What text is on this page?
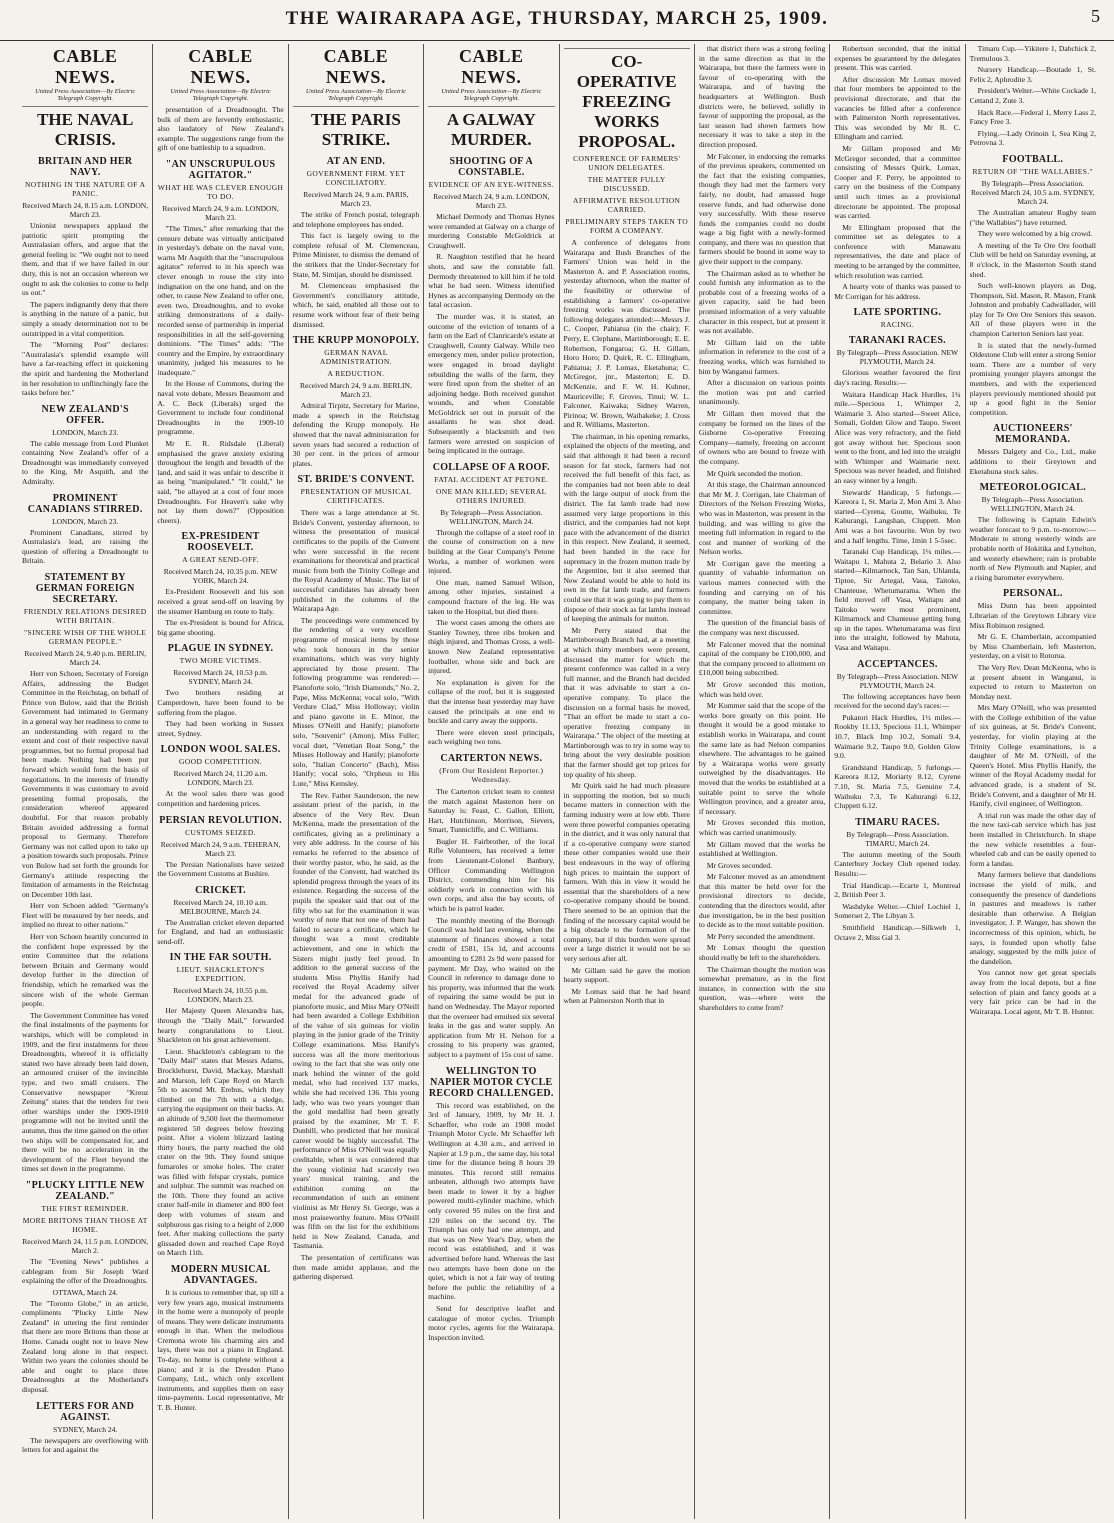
THE WAIRARAPA AGE, THURSDAY, MARCH 25, 1909.	5
CABLE NEWS.
United Press Association—By Electric Telegraph Copyright.
THE NAVAL CRISIS.
BRITAIN AND HER NAVY.
NOTHING IN THE NATURE OF A PANIC.
Received March 24, 8.15 a.m. LONDON, March 23.
Unionist newspapers applaud the patriotic spirit prompting the Australasian offers, and argue that the general feeling is: "We ought not to need them, and that if we have failed in our duty, this is not an occasion whereon we ought to ask the colonies to come to help us out."
The papers indignantly deny that there is anything in the nature of a panic, but simply a steady determination not to be outstripped in a vital competition.
The "Morning Post" declares: "Australasia's splendid example will have a far-reaching effect in quickening the spirit and hardening the Motherland in her resolution to unflinchingly face the tasks before her."
NEW ZEALAND'S OFFER.
LONDON, March 23.
The cable message from Lord Plunket containing New Zealand's offer of a Dreadnought was immediately conveyed to the King, Mr Asquith, and the Admiralty.
PROMINENT CANADIANS STIRRED.
LONDON, March 23.
Prominent Canadians, stirred by Australasia's lead, are raising the question of offering a Dreadnought to Britain.
STATEMENT BY GERMAN FOREIGN SECRETARY.
FRIENDLY RELATIONS DESIRED WITH BRITAIN.
"SINCERE WISH OF THE WHOLE GERMAN PEOPLE."
Received March 24, 9.40 p.m. BERLIN, March 24.
Herr von Schoen, Secretary of Foreign Affairs, addressing the Budget Committee in the Reichstag, on behalf of Prince von Bulow, said that the British Government had intimated to Germany in a general way her readiness to come to an understanding with regard to the extent and cost of their respective naval programmes, but no formal proposal had been made. Nothing had been put forward which would form the basis of negotiations. In the interests of friendly Governments it was customary to avoid presenting formal proposals, the consideration whereof appeared doubtful. For that reason probably Britain avoided addressing a formal proposal to Germany. Therefore Germany was not called upon to take up a position towards such proposals. Prince von Bulow had set forth the grounds for Germany's attitude respecting the limitation of armaments in the Reichstag on December 10th last.
Herr von Schoen added: "Germany's Fleet will be measured by her needs, and implied no threat to other nations."
Herr von Schoen heartily concurred in the confident hope expressed by the entire Committee that the relations between Britain and Germany would develop further in the direction of friendship, which he remarked was the sincere wish of the whole German people.
The Government Committee has voted the final instalments of the payments for warships, which will be completed in 1909, and the first instalments for three Dreadnoughts, whereof it is officially stated two have already been laid down, an armoured cruiser of the invincible type, and two small cruisers. The Conservative newspaper "Kreuz Zeitung" states that the tenders for two other warships under the 1909-1910 programme will not be invited until the autumn, thus the time gained on the other two ships will be compensated for, and there will be no acceleration in the development of the Fleet beyond the times set down in the programme.
"PLUCKY LITTLE NEW ZEALAND."
THE FIRST REMINDER.
MORE BRITONS THAN THOSE AT HOME.
Received March 24, 11.5 p.m. LONDON, March 2.
The "Evening News" publishes a cablegram from Sir Joseph Ward explaining the offer of the Dreadnoughts.
OTTAWA, March 24.
The "Toronto Globe," in an article, compliments "Plucky Little New Zealand" in uttering the first reminder that there are more Britons than those at Home. Canada ought not to leave New Zealand long alone in that respect. Within two years the colonies should be able and ought to place three Dreadnoughts at the Motherland's disposal.
LETTERS FOR AND AGAINST.
SYDNEY, March 24.
The newspapers are overflowing with letters for and against the
CABLE NEWS.
United Press Association—By Electric Telegraph Copyright.
presentation of a Dreadnought. The bulk of them are fervently enthusiastic, also laudatory of New Zealand's example. The suggestions range from the gift of one battleship to a squadron.
"AN UNSCRUPULOUS AGITATOR."
WHAT HE WAS CLEVER ENOUGH TO DO.
Received March 24, 9 a.m. LONDON, March 23.
"The Times," after remarking that the censure debate was virtually anticipated in yesterday's debate on the naval vote, warns Mr Asquith that the "unscrupulous agitator" referred to in his speech was clever enough to rouse the city into indignation on the one hand, and on the other, to cause New Zealand to offer one, even two, Dreadnoughts, and to evoke striking demonstrations of a daily-recorded sense of partnership in imperial responsibilities in all the self-governing dominions. "The Times" adds: "The country and the Empire, by extraordinary unanimity, judged his measures to be inadequate."
In the House of Commons, during the naval vote debate, Messrs Beaumont and A. C. Beck (Liberals) urged the Government to include four conditional Dreadnoughts in the 1909-10 programme.
Mr E. R. Ridsdale (Liberal) emphasised the grave anxiety existing throughout the length and breadth of the land, and said it was unfair to describe it as being "manipulated." "It could," he said, "be allayed at a cost of four more Dreadnoughts. For Heaven's sake why not lay them down?" (Opposition cheers).
EX-PRESIDENT ROOSEVELT.
A GREAT SEND-OFF.
Received March 24, 10.35 p.m. NEW YORK, March 24.
Ex-President Roosevelt and his son received a great send-off on leaving by the steamer Hamburg en route to Italy.
The ex-President is bound for Africa, big game shooting.
PLAGUE IN SYDNEY.
TWO MORE VICTIMS.
Received March 24, 10.53 p.m. SYDNEY, March 24.
Two brothers residing at Camperdown, have been found to be suffering from the plague.
They had been working in Sussex street, Sydney.
LONDON WOOL SALES.
GOOD COMPETITION.
Received March 24, 11.20 a.m. LONDON, March 23.
At the wool sales there was good competition and hardening prices.
PERSIAN REVOLUTION.
CUSTOMS SEIZED.
Received March 24, 9 a.m. TEHERAN, March 23.
The Persian Nationalists have seized the Government Customs at Bushire.
CRICKET.
Received March 24, 10.10 a.m. MELBOURNE, March 24.
The Australian cricket eleven departed for England, and had an enthusiastic send-off.
IN THE FAR SOUTH.
LIEUT. SHACKLETON'S EXPEDITION.
Received March 24, 10.55 p.m. LONDON, March 23.
Her Majesty Queen Alexandra has, through the "Daily Mail," forwarded hearty congratulations to Lieut. Shackleton on his great achievement.
Lieut. Shackleton's cablegram to the "Daily Mail" states that Messrs Adams, Brocklehurst, David, Mackay, Marshall and Marson, left Cape Royd on March 5th to ascend Mt. Erebus, which they climbed on the 7th with a sledge, carrying the equipment on their backs. At an altitude of 9,500 feet the thermometer registered 50 degrees below freezing point. After a violent blizzard lasting thirty hours, the party reached the old crater on the 9th. They found unique fumaroles or smoke holes. The crater was filled with felspar crystals, pumice and sulphur. The summit was reached on the 10th. There they found an active crater half-mile in diameter and 800 feet deep with volumes of steam and sulphurous gas rising to a height of 2,000 feet. After making collections the party glissaded down and reached Cape Royd on March 11th.
MODERN MUSICAL ADVANTAGES.
It is curious to remember that, up till a very few years ago, musical instruments in the home were a monopoly of people of means. They were delicate instruments enough in that. When the melodious Cremona wrote his charming airs and lays, there was not a piano in England. To-day, no home is complete without a piano; and it is the Dresden Piano Company, Ltd., which only excellent instruments, and supplies them on easy time-payments. Local representative, Mr T. B. Hunter.
CABLE NEWS.
United Press Association—By Electric Telegraph Copyright.
THE PARIS STRIKE.
AT AN END.
GOVERNMENT FIRM. YET CONCILIATORY.
Received March 24, 9 a.m. PARIS, March 23.
The strike of French postal, telegraph and telephone employees has ended.
This fact is largely owing to the complete refusal of M. Clemenceau, Prime Minister, to dismiss the demand of the strikers that the Under-Secretary for State, M. Simijan, should be dismissed.
M. Clemenceau emphasised the Government's conciliatory attitude, which, he said, enabled all those out to resume work without fear of their being dismissed.
THE KRUPP MONOPOLY.
GERMAN NAVAL ADMINISTRATION.
A REDUCTION.
Received March 24, 9 a.m. BERLIN, March 23.
Admiral Tirpitz, Secretary for Marine, made a speech in the Reichstag defending the Krupp monopoly. He showed that the naval administration for seven years had secured a reduction of 30 per cent. in the prices of armour plates.
ST. BRIDE'S CONVENT.
PRESENTATION OF MUSICAL CERTIFICATES.
There was a large attendance at St. Bride's Convent, yesterday afternoon, to witness the presentation of musical certificates to the pupils of the Convent who were successful in the recent examinations for theoretical and practical music from both the Trinity College and the Royal Academy of Music. The list of successful candidates has already been published in the columns of the Wairarapa Age.
The proceedings were commenced by the rendering of a very excellent programme of musical items by those who took honours in the senior examinations, which was very highly appreciated by those present. The following programme was rendered:—Pianoforte solo, "Irish Diamonds," No. 2, Pape, Miss McKenna; vocal solo, "With Verdure Clad," Miss Holloway; violin and piano gavotte in E. Minor, the Misses O'Neill and Hanify; pianoforte solo, "Souvenir" (Amon), Miss Fuller; vocal duet, "Venetian Boat Song," the Misses Holloway and Hanify; pianoforte solo, "Italian Concerto" (Bach), Miss Hanify; vocal solo, "Orpheus to His Lute," Miss Kemsley.
The Rev. Father Saunderson, the new assistant priest of the parish, in the absence of the Very Rev. Dean McKenna, made the presentation of the certificates, giving as a preliminary a very able address. In the course of his remarks he referred to the absence of their worthy pastor, who, he said, as the founder of the Convent, had watched its splendid progress through the years of its existence. Regarding the success of the pupils the speaker said that out of the fifty who sat for the examination it was worthy of note that not one of them had failed to secure a certificate, which he thought was a most creditable achievement, and one in which the Sisters might justly feel proud. In addition to the general success of the students Miss Phyllis Hanify had received the Royal Academy silver medal for the advanced grade of pianoforte music, and Miss Mary O'Neill had been awarded a College Exhibition of the value of six guineas for violin playing in the junior grade of the Trinity College examinations. Miss Hanify's success was all the more meritorious owing to the fact that she was only one mark behind the winner of the gold medal, who had received 137 marks, while she had received 136. This young lady, who was two years younger than the gold medallist had been greatly praised by the examiner, Mr T. F. Dunhill, who predicted that her musical career would be highly successful. The performance of Miss O'Neill was equally creditable, when it was considered that the young violinist had scarcely two years' musical training, and the exhibition coming on the recommendation of such an eminent violinist as Mr Henry St. George, was a most praiseworthy feature. Miss O'Neill was fifth on the list for the exhibitions held in New Zealand, Canada, and Tasmania.
The presentation of certificates was then made amidst applause, and the gathering dispersed.
CABLE NEWS.
United Press Association—By Electric Telegraph Copyright.
A GALWAY MURDER.
SHOOTING OF A CONSTABLE.
EVIDENCE OF AN EYE-WITNESS.
Received March 24, 9 a.m. LONDON, March 23.
Michael Dermody and Thomas Hynes were remanded at Galway on a charge of murdering Constable McGoldrick at Craughwell.
R. Naughton testified that he heard shots, and saw the constable fall. Dermody threatened to kill him if he told what he had seen. Witness identified Hynes as accompanying Dermody on the fatal occasion.
The murder was, it is stated, an outcome of the eviction of tenants of a farm on the Earl of Clanricarde's estate at Craughwell, County Galway. While two emergency men, under police protection, were engaged in broad daylight rebuilding the walls of the farm, they were fired upon from the shelter of an adjoining hedge. Both received gunshot wounds, and when Constable McGoldrick set out in pursuit of the assailants he was shot dead. Subsequently a blacksmith and two farmers were arrested on suspicion of being implicated in the outrage.
COLLAPSE OF A ROOF.
FATAL ACCIDENT AT PETONE.
ONE MAN KILLED; SEVERAL OTHERS INJURED.
By Telegraph—Press Association. WELLINGTON, March 24.
Through the collapse of a steel roof in the course of construction on a new building at the Gear Company's Petone Works, a number of workmen were injured.
One man, named Samuel Wilson, among other injuries, sustained a compound fracture of the leg. He was taken to the Hospital, but died there.
The worst cases among the others are Stanley Towney, three ribs broken and thigh injured, and Thomas Cross, a well-known New Zealand representative footballer, whose side and back are injured.
No explanation is given for the collapse of the roof, but it is suggested that the intense heat yesterday may have caused the principals at one end to buckle and carry away the supports.
There were eleven steel principals, each weighing two tons.
CARTERTON NEWS.
(From Our Resident Reporter.) Wednesday.
The Carterton cricket team to contest the match against Masterton here on Saturday is: Feast, C. Gallon, Elliott, Hart, Hutchinson, Morrison, Sievers, Smart, Tunnicliffe, and C. Williams.
Bugler H. Fairbrother, of the local Rifle Volunteers, has received a letter from Lieutenant-Colonel Banbury, Officer Commanding Wellington District, commending him for his soldierly work in connection with his own corps, and also the bay scouts, of which he is patrol leader.
The monthly meeting of the Borough Council was held last evening, when the statement of finances showed a total credit of £581, 15s 1d, and accounts amounting to £281 2s 9d were passed for payment. Mr Day, who waited on the Council in reference to damage done to his property, was informed that the work of repairing the same would be put in hand on Wednesday. The Mayor reported that the overseer had emulsed six several leaks in the gas and water supply. An application from Mr H. Nelson for a crossing to his property was granted, subject to a payment of 15s cost of same.
WELLINGTON TO NAPIER MOTOR CYCLE RECORD CHALLENGED.
This record was established, on the 3rd of January, 1909, by Mr H. J. Schaeffer, who rode an 1908 model Triumph Motor Cycle. Mr Schaeffer left Wellington at 4.30 a.m., and arrived in Napier at 1.9 p.m., the same day, his total time for the distance being 8 hours 39 minutes. This record still remains unbeaten, although two attempts have been made to lower it by a higher powered multi-cylinder machine, which only covered 95 miles on the first and 120 miles on the second try. The Triumph has only had one attempt, and that was on New Year's Day, when the record was established, and it was advertised before hand. Whereas the last two attempts have been done on the quiet, which is not a fair way of testing before the public the reliability of a machine.
Send for descriptive leaflet and catalogue of motor cycles. Triumph motor cycles, agents for the Wairarapa. Inspection invited.
CO-OPERATIVE FREEZING WORKS PROPOSAL.
CONFERENCE OF FARMERS' UNION DELEGATES.
THE MATTER FULLY DISCUSSED.
AFFIRMATIVE RESOLUTION CARRIED.
PRELIMINARY STEPS TAKEN TO FORM A COMPANY.
A conference of delegates from Wairarapa and Bush Branches of the Farmers' Union was held in the Masterton A. and P. Association rooms, yesterday afternoon, when the matter of the feasibility or otherwise of establishing a farmers' co-operative freezing works was discussed. The following delegates attended:—Messrs J. C. Cooper, Pahiatua (in the chair); F. Perry, E. Clephane, Martinborough; E. E. Robertson, Fongaroa; G. H. Gillam, Horo Horo; D. Quirk, R. C. Ellingham, Pahiatua; J. P. Lomax, Eketahuna; C. McGregor, jnr., Masterton; E. D. McKenzie, and F. W. H. Kuhner, Mauriceville; F. Groves, Tinui; W. L. Falconer, Kaiwaka; Sidney Warren, Pirinoa; W. Brown, Waihakeke; J. Cross and R. Williams, Masterton.
The chairman, in his opening remarks, explained the objects of the meeting, and said that although it had been a record season for fat stock, farmers had not received the full benefit of this fact, as the companies had not been able to deal with the large output of stock from the district. The fat lamb trade had now assumed very large proportions in this district, and the companies had not kept pace with the advancement of the district in this respect. New Zealand, it seemed, had been handed in the race for supremacy in the frozen mutton trade by the Argentine, but it also seemed that New Zealand would be able to hold its own in the fat lamb trade, and farmers could see that it was going to pay them to dispose of their stock as fat lambs instead of keeping the animals for mutton.
Mr Perry stated that the Martinborough Branch had, at a meeting at which thirty members were present, discussed the matter for which the present conference was called in a very full manner, and the Branch had decided that it was advisable to start a co-operative company. To place the discussion on a formal basis he moved, "That an effort be made to start a co-operative freezing company in Wairarapa." The object of the meeting at Martinborough was to try in some way to bring about the very desirable position that the farmer should get top prices for top quality of his sheep.
Mr Quirk said he had much pleasure in supporting the motion, but so much became matters in connection with the farming industry were at low ebb. There were three powerful companies operating in the district, and it was only natural that if a co-operative company were started these other companies would use their best endeavours in the way of offering high prices to maintain the support of farmers. With this in view it would be essential that the shareholders of a new co-operative company should be bound. There seemed to be an opinion that the finding of the necessary capital would be a big obstacle to the formation of the company, but if this burden were spread over a large district it would not be so very serious after all.
Mr Gillam said he gave the motion hearty support.
Mr Lomax said that he had heard when at Palmerston North that in
that district there was a strong feeling in the same direction as that in the Wairarapa, but there the farmers were in favour of co-operating with the Wairarapa, and of having the headquarters at Wellington. Bush districts were, he believed, solidly in favour of supporting the proposal, as the last season had shown farmers how necessary it was to take a step in the direction proposed.
Mr Falconer, in endorsing the remarks of the previous speakers, commented on the fact that the existing companies, though they had met the farmers very fairly, no doubt, had amassed huge reserve funds, and had otherwise done very successfully. With these reserve funds the companies could no doubt wage a big fight with a newly-formed company, and there was no question that farmers should be bound in some way to give their support to the company.
The Chairman asked as to whether he could furnish any information as to the probable cost of a freezing works of a given capacity, said he had been promised information of a very valuable character in this respect, but at present it was not available.
Mr Gillam laid on the table information in reference to the cost of a freezing works, which was furnished to him by Wanganui farmers.
After a discussion on various points the motion was put and carried unanimously.
Mr Gillam then moved that the company be formed on the lines of the Gisborne Co-operative Freezing Company—namely, freezing on account of owners who are bound to freeze with the company.
Mr Quirk seconded the motion.
At this stage, the Chairman announced that Mr M. J. Corrigan, late Chairman of Directors of the Nelson Freezing Works, who was in Masterton, was present in the building, and was willing to give the meeting full information in regard to the cost and manner of working of the Nelson works.
Mr Corrigan gave the meeting a quantity of valuable information on various matters connected with the founding and carrying on of his company, the matter being taken in committee.
The question of the financial basis of the company was next discussed.
Mr Falconer moved that the nominal capital of the company be £100,000, and that the company proceed to allotment on £10,000 being subscribed.
Mr Grove seconded this motion, which was held over.
Mr Kummer said that the scope of the works bore greatly on this point. He thought it would be a good mistake to establish works in Wairarapa, and count the same late as had Nelson companies elsewhere. The advantages to be gained by a Wairarapa works were greatly outweighed by the disadvantages. He moved that the works be established at a suitable point to serve the whole Wellington province, and a greater area, if necessary.
Mr Groves seconded this motion, which was carried unanimously.
Mr Gillam moved that the works be established at Wellington.
Mr Groves seconded.
Mr Falconer moved as an amendment that this matter be held over for the provisional directors to decide, contending that the directors would, after due investigation, be in the best position to decide as to the most suitable position.
Mr Perry seconded the amendment.
Mr Lomax thought the question should really be left to the shareholders.
The Chairman thought the motion was somewhat premature, as in the first instance, in connection with the site question, was—where were the shareholders to come from?
Robertson seconded, that the initial expenses be guaranteed by the delegates present. This was carried.
After discussion Mr Lomax moved that four members be appointed to the provisional directorate, and that the vacancies be filled after a conference with Palmerston North representatives. This was seconded by Mr R. C. Ellingham and carried.
Mr Gillam proposed and Mr McGregor seconded, that a committee consisting of Messrs Quirk, Lomax, Cooper and F. Perry, be appointed to carry on the business of the Company until such times as a provisional directorate be appointed. The proposal was carried.
Mr Ellingham proposed that the committee set as delegates to a conference with Manawatu representatives, the date and place of meeting to be arranged by the committee, which resolution was carried.
A hearty vote of thanks was passed to Mr Corrigan for his address.
LATE SPORTING.
RACING.
TARANAKI RACES.
By Telegraph—Press Association. NEW PLYMOUTH, March 24.
Glorious weather favoured the first day's racing. Results:—
Waitara Handicap Hack Hurdles, 1¾ mile.—Specious 1, Whimper 2, Waimarie 3. Also started—Sweet Alice, Somali, Golden Glow and Taupo. Sweet Alice was very refractory, and the field got away without her. Specious soon went to the front, and led into the straight with Whimper and Waimarie next. Specious was never headed, and finished an easy winner by a length.
Stewards' Handicap, 5 furlongs.—Kareora 1, St. Maria 2, Mon Ami 3. Also started—Cyrena, Goutte, Waihuku, Te Kahurangi, Langshan, Cluppett. Mon Ami was a hot favourite. Won by two and a half lengths. Time, 1min 1 5-5sec.
Taranaki Cup Handicap, 1¼ miles.—Waitapu 1, Mahuta 2, Belario 3. Also started—Kilmarnock, Tan San, Uhlanda, Tiptoe, Sir Artegal, Vasa, Taitoko, Chanteuse, Whetumarama. When the field moved off Vasa, Waitapu and Taitoko were most prominent, Kilmarnock and Chanteuse getting hung up in the tapes. Whetumarama was first into the straight, followed by Mahuta, Vasa and Waitapu.
ACCEPTANCES.
By Telegraph—Press Association. NEW PLYMOUTH, March 24.
The following acceptances have been received for the second day's races:—
Pukatori Hack Hurdles, 1½ miles.—Rookby 11.13, Specious 11.1, Whimper 10.7, Black Imp 10.2, Somali 9.4, Waimarie 9.2, Taupo 9.0, Golden Glow 9.0.
Grandstand Handicap, 5 furlongs.—Kareora 8.12, Moriarty 8.12, Cyrene 7.10, St. Maria 7.5, Genuine 7.4, Waihuku 7.3, Te Kahurangi 6.12, Cluppett 6.12.
TIMARU RACES.
By Telegraph—Press Association. TIMARU, March 24.
The autumn meeting of the South Canterbury Jockey Club opened today. Results:—
Trial Handicap.—Ecarte 1, Montreal 2, British Peer 3.
Washdyke Welter.—Chief Lochiel 1, Somerset 2, The Libyan 3.
Smithfield Handicap.—Silkweb 1, Octave 2, Miss Gal 3.
Timaru Cup.—Yikitere 1, Dabchick 2, Tremulous 3.
Nursery Handicap.—Boutade 1, St. Felix 2, Aphrodite 3.
President's Welter.—White Cockade 1, Cettand 2, Zute 3.
Hack Race.—Federal 1, Merry Lass 2, Fancy Free 3.
Flying.—Lady Orinoin 1, Sea King 2, Petrovna 3.
FOOTBALL.
RETURN OF "THE WALLABIES."
By Telegraph—Press Association. Received March 24, 10.5 a.m. SYDNEY, March 24.
The Australian amateur Rugby team ("the Wallabies") have returned.
They were welcomed by a big crowd.
A meeting of the Te Ore Ore football Club will be held on Saturday evening, at 8 o'clock, in the Masterton South stand shed.
Such well-known players as Dog, Thompson, Sid. Mason, R. Mason, Frank Johnston and probably Cadwallader, will play for Te Ore Ore Seniors this season. All of these players were in the champion Carterton Seniors last year.
It is stated that the newly-formed Oldestone Club will enter a strong Senior team. There are a number of very promising younger players amongst the members, and with the experienced players previously mentioned should put up a good fight in the Senior competition.
AUCTIONEERS' MEMORANDA.
Messrs Dalgety and Co., Ltd., make additions to their Greytown and Eketahuna stock sales.
METEOROLOGICAL.
By Telegraph—Press Association. WELLINGTON, March 24.
The following is Captain Edwin's weather forecast to 9 p.m. to-morrow:—Moderate to strong westerly winds are probable north of Hokitika and Lyttelton, and westerly elsewhere; rain is probable north of New Plymouth and Napier, and a rising barometer everywhere.
PERSONAL.
Miss Dunn has been appointed Librarian of the Greytown Library vice Miss Robinson resigned.
Mr G. E. Chamberlain, accompanied by Miss Chamberlain, left Masterton, yesterday, on a visit to Rotorua.
The Very Rev. Dean McKenna, who is at present absent in Wanganui, is expected to return to Masterton on Monday next.
Mrs Mary O'Neill, who was presented with the College exhibition of the value of six guineas, at St. Bride's Convent, yesterday, for violin playing at the Trinity College examinations, is a daughter of Mr M. O'Neill, of the Queen's Hotel. Miss Phyllis Hanify, the winner of the Royal Academy medal for advanced grade, is a student of St. Bride's Convent, and a daughter of Mr H. Hanify, civil engineer, of Wellington.
A trial run was made the other day of the new taxi-cab service which has just been installed in Christchurch. In shape the new vehicle resembles a four-wheeled cab and can be easily opened to form a landau.
Many farmers believe that dandelions increase the yield of milk, and consequently the presence of dandelions in pastures and meadows is rather desirable than otherwise. A Belgian investigator, J. P. Wanger, has shown the incorrectness of this opinion, which, he says, is founded upon wholly false analogy, suggested by the milk juice of the dandelion.
You cannot now get great specials away from the local depots, but a fine selection of plain and fancy goods at a very fair price can be had in the Wairarapa. Local agent, Mr T. B. Hunter.
